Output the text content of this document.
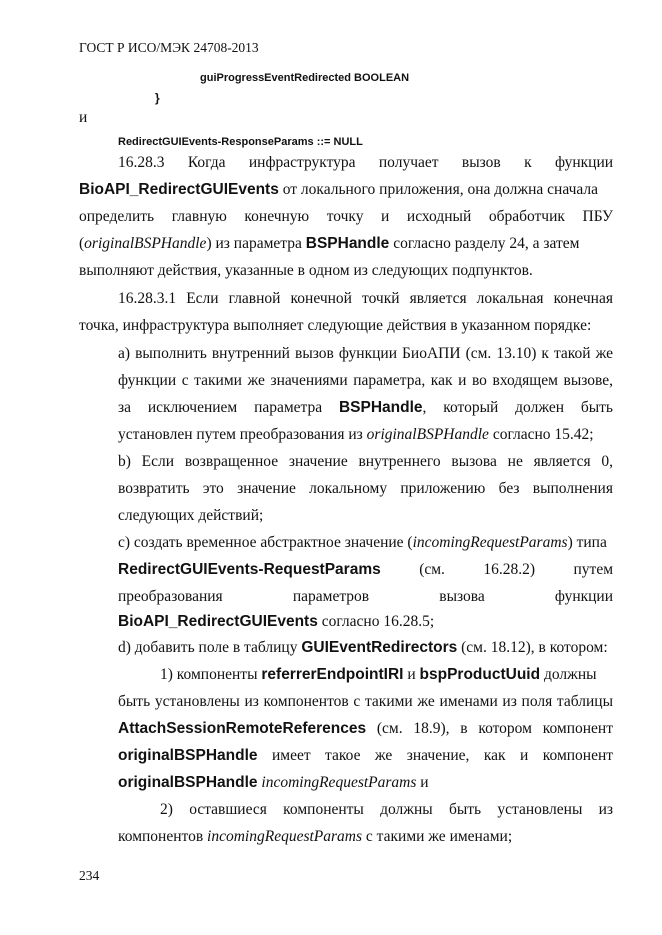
ГОСТ Р ИСО/МЭК 24708-2013
guiProgressEventRedirected BOOLEAN
}
и
RedirectGUIEvents-ResponseParams ::= NULL
16.28.3 Когда инфраструктура получает вызов к функции
BioAPI_RedirectGUIEvents от локального приложения, она должна сначала
определить главную конечную точку и исходный обработчик ПБУ
(originalBSPHandle) из параметра BSPHandle согласно разделу 24, а затем
выполняют действия, указанные в одном из следующих подпунктов.
16.28.3.1 Если главной конечной точкй является локальная конечная
точка, инфраструктура выполняет следующие действия в указанном порядке:
a) выполнить внутренний вызов функции БиоАПИ (см. 13.10) к такой же
функции с такими же значениями параметра, как и во входящем вызове,
за исключением параметра BSPHandle, который должен быть
установлен путем преобразования из originalBSPHandle согласно 15.42;
b) Если возвращенное значение внутреннего вызова не является 0,
возвратить это значение локальному приложению без выполнения
следующих действий;
c) создать временное абстрактное значение (incomingRequestParams) типа
RedirectGUIEvents-RequestParams (см. 16.28.2) путем
преобразования	параметров	вызова	функции
BioAPI_RedirectGUIEvents согласно 16.28.5;
d) добавить поле в таблицу GUIEventRedirectors (см. 18.12), в котором:
1) компоненты referrerEndpointIRI и bspProductUuid должны
быть установлены из компонентов с такими же именами из поля таблицы
AttachSessionRemoteReferences (см. 18.9), в котором компонент
originalBSPHandle имеет такое же значение, как и компонент
originalBSPHandle incomingRequestParams и
2) оставшиеся компоненты должны быть установлены из
компонентов incomingRequestParams с такими же именами;
234
